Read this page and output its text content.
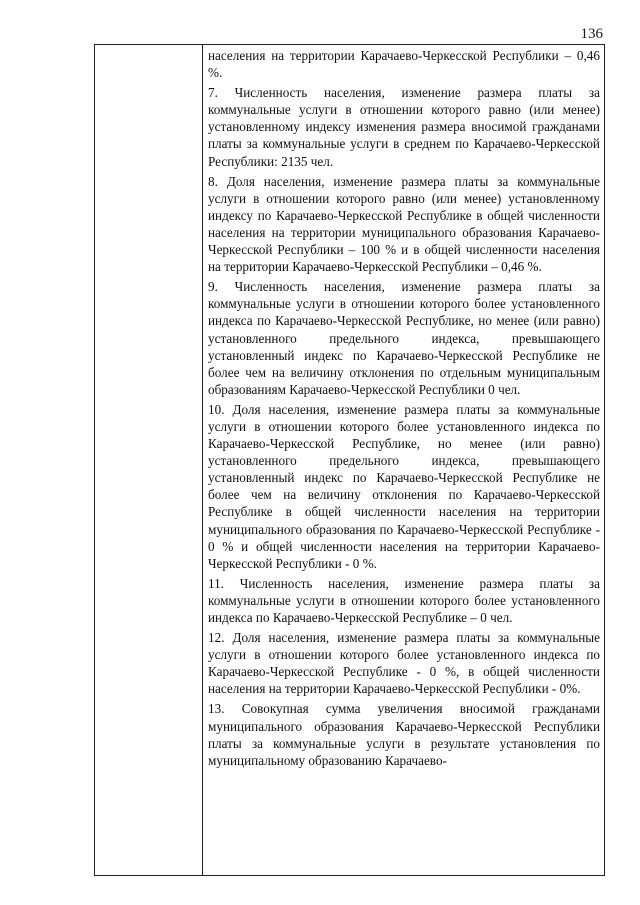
136

населения на территории Карачаево-Черкесской Республики – 0,46 %.

7. Численность населения, изменение размера платы за коммунальные услуги в отношении которого равно (или менее) установленному индексу изменения размера вносимой гражданами платы за коммунальные услуги в среднем по Карачаево-Черкесской Республики: 2135 чел.

8. Доля населения, изменение размера платы за коммунальные услуги в отношении которого равно (или менее) установленному индексу по Карачаево-Черкесской Республике в общей численности населения на территории муниципального образования Карачаево-Черкесской Республики – 100 % и в общей численности населения на территории Карачаево-Черкесской Республики – 0,46 %.

9. Численность населения, изменение размера платы за коммунальные услуги в отношении которого более установленного индекса по Карачаево-Черкесской Республике, но менее (или равно) установленного предельного индекса, превышающего установленный индекс по Карачаево-Черкесской Республике не более чем на величину отклонения по отдельным муниципальным образованиям Карачаево-Черкесской Республики 0 чел.

10. Доля населения, изменение размера платы за коммунальные услуги в отношении которого более установленного индекса по Карачаево-Черкесской Республике, но менее (или равно) установленного предельного индекса, превышающего установленный индекс по Карачаево-Черкесской Республике не более чем на величину отклонения по Карачаево-Черкесской Республике в общей численности населения на территории муниципального образования по Карачаево-Черкесской Республике - 0 % и общей численности населения на территории Карачаево-Черкесской Республики - 0 %.

11. Численность населения, изменение размера платы за коммунальные услуги в отношении которого более установленного индекса по Карачаево-Черкесской Республике – 0 чел.

12. Доля населения, изменение размера платы за коммунальные услуги в отношении которого более установленного индекса по Карачаево-Черкесской Республике - 0 %, в общей численности населения на территории Карачаево-Черкесской Республики - 0%.

13. Совокупная сумма увеличения вносимой гражданами муниципального образования Карачаево-Черкесской Республики платы за коммунальные услуги в результате установления по муниципальному образованию Карачаево-
